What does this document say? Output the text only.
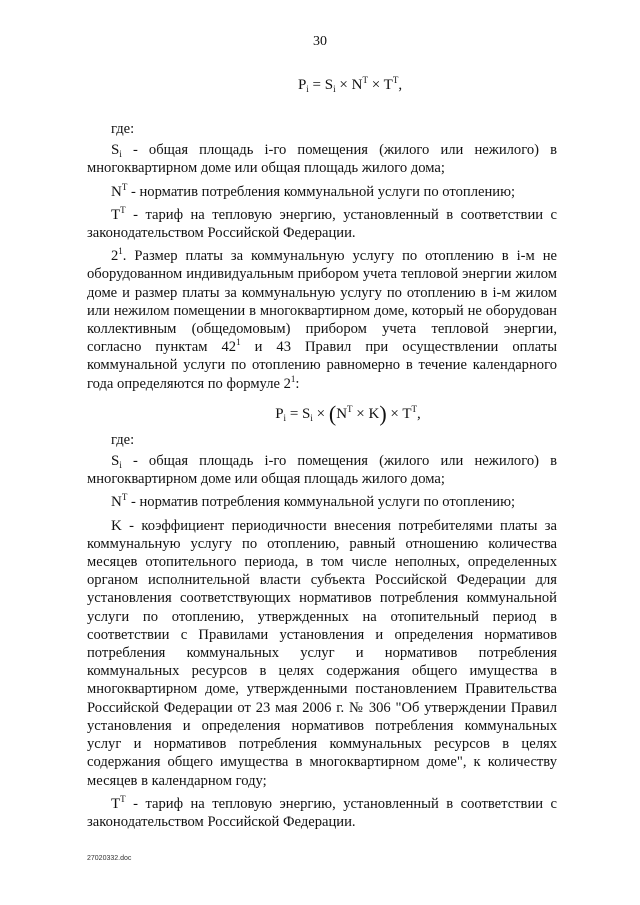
30
$P_i = S_i \times N^T \times T^T$,
где:

$S_i$ - общая площадь i-го помещения (жилого или нежилого) в многоквартирном доме или общая площадь жилого дома;

$N^T$ - норматив потребления коммунальной услуги по отоплению;

$T^T$ - тариф на тепловую энергию, установленный в соответствии с законодательством Российской Федерации.

$2^1$. Размер платы за коммунальную услугу по отоплению в i-м не оборудованном индивидуальным прибором учета тепловой энергии жилом доме и размер платы за коммунальную услугу по отоплению в i-м жилом или нежилом помещении в многоквартирном доме, который не оборудован коллективным (общедомовым) прибором учета тепловой энергии, согласно пунктам $42^1$ и 43 Правил при осуществлении оплаты коммунальной услуги по отоплению равномерно в течение календарного года определяются по формуле $2^1$:

$P_i = S_i \times (N^T \times K) \times T^T$,
где:

$S_i$ - общая площадь i-го помещения (жилого или нежилого) в многоквартирном доме или общая площадь жилого дома;

$N^T$ - норматив потребления коммунальной услуги по отоплению;

K - коэффициент периодичности внесения потребителями платы за коммунальную услугу по отоплению, равный отношению количества месяцев отопительного периода, в том числе неполных, определенных органом исполнительной власти субъекта Российской Федерации для установления соответствующих нормативов потребления коммунальной услуги по отоплению, утвержденных на отопительный период в соответствии с Правилами установления и определения нормативов потребления коммунальных услуг и нормативов потребления коммунальных ресурсов в целях содержания общего имущества в многоквартирном доме, утвержденными постановлением Правительства Российской Федерации от 23 мая 2006 г. № 306 "Об утверждении Правил установления и определения нормативов потребления коммунальных услуг и нормативов потребления коммунальных ресурсов в целях содержания общего имущества в многоквартирном доме", к количеству месяцев в календарном году;

$T^T$ - тариф на тепловую энергию, установленный в соответствии с законодательством Российской Федерации.

27020332.doc
